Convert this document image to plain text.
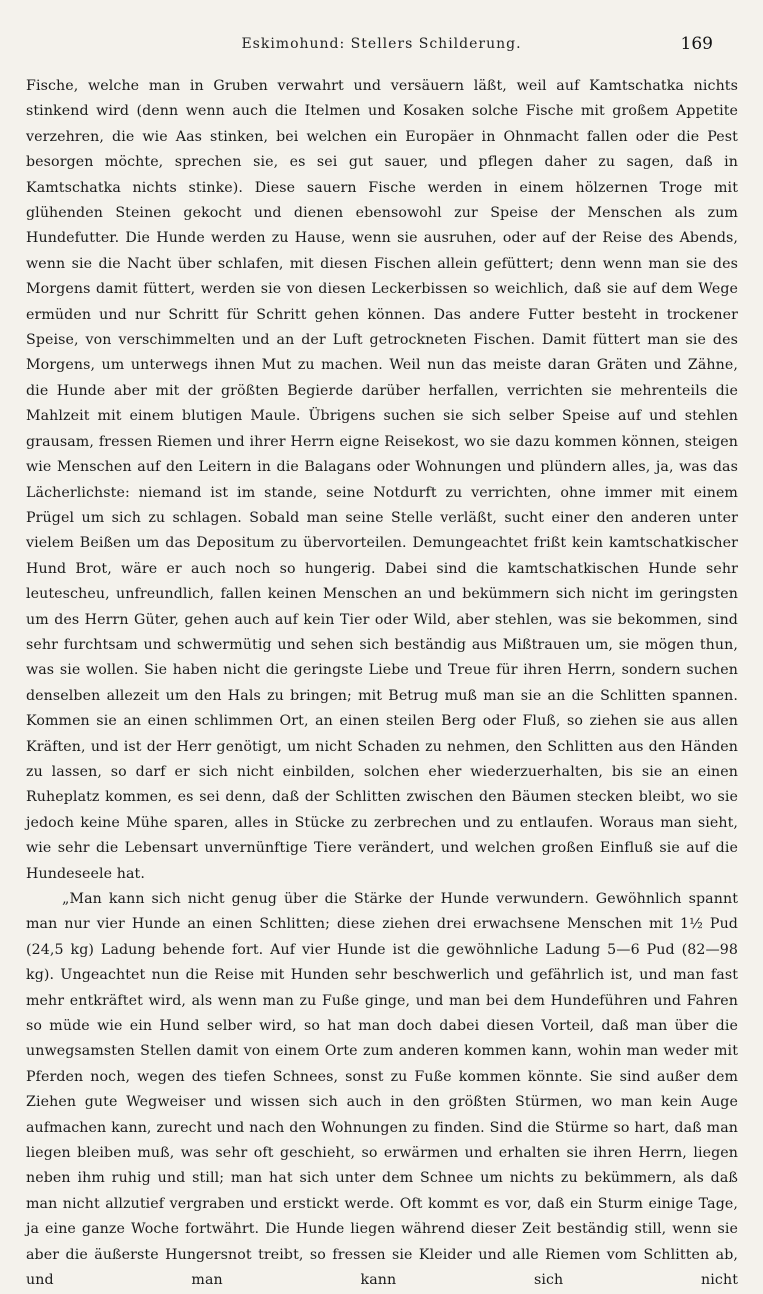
Eskimohund: Stellers Schilderung.	169

Fische, welche man in Gruben verwahrt und versäuern läßt, weil auf Kamtschatka nichts stinkend wird (denn wenn auch die Itelmen und Kosaken solche Fische mit großem Appetite verzehren, die wie Aas stinken, bei welchen ein Europäer in Ohnmacht fallen oder die Pest besorgen möchte, sprechen sie, es sei gut sauer, und pflegen daher zu sagen, daß in Kamtschatka nichts stinke). Diese sauern Fische werden in einem hölzernen Troge mit glühenden Steinen gekocht und dienen ebensowohl zur Speise der Menschen als zum Hundefutter. Die Hunde werden zu Hause, wenn sie ausruhen, oder auf der Reise des Abends, wenn sie die Nacht über schlafen, mit diesen Fischen allein gefüttert; denn wenn man sie des Morgens damit füttert, werden sie von diesen Leckerbissen so weichlich, daß sie auf dem Wege ermüden und nur Schritt für Schritt gehen können. Das andere Futter besteht in trockener Speise, von verschimmelten und an der Luft getrockneten Fischen. Damit füttert man sie des Morgens, um unterwegs ihnen Mut zu machen. Weil nun das meiste daran Gräten und Zähne, die Hunde aber mit der größten Begierde darüber herfallen, verrichten sie mehrenteils die Mahlzeit mit einem blutigen Maule. Übrigens suchen sie sich selber Speise auf und stehlen grausam, fressen Riemen und ihrer Herrn eigne Reisekost, wo sie dazu kommen können, steigen wie Menschen auf den Leitern in die Balagans oder Wohnungen und plündern alles, ja, was das Lächerlichste: niemand ist im stande, seine Notdurft zu verrichten, ohne immer mit einem Prügel um sich zu schlagen. Sobald man seine Stelle verläßt, sucht einer den anderen unter vielem Beißen um das Depositum zu übervorteilen. Demungeachtet frißt kein kamtschatkischer Hund Brot, wäre er auch noch so hungerig. Dabei sind die kamtschatkischen Hunde sehr leutescheu, unfreundlich, fallen keinen Menschen an und bekümmern sich nicht im geringsten um des Herrn Güter, gehen auch auf kein Tier oder Wild, aber stehlen, was sie bekommen, sind sehr furchtsam und schwermütig und sehen sich beständig aus Mißtrauen um, sie mögen thun, was sie wollen. Sie haben nicht die geringste Liebe und Treue für ihren Herrn, sondern suchen denselben allezeit um den Hals zu bringen; mit Betrug muß man sie an die Schlitten spannen. Kommen sie an einen schlimmen Ort, an einen steilen Berg oder Fluß, so ziehen sie aus allen Kräften, und ist der Herr genötigt, um nicht Schaden zu nehmen, den Schlitten aus den Händen zu lassen, so darf er sich nicht einbilden, solchen eher wiederzuerhalten, bis sie an einen Ruheplatz kommen, es sei denn, daß der Schlitten zwischen den Bäumen stecken bleibt, wo sie jedoch keine Mühe sparen, alles in Stücke zu zerbrechen und zu entlaufen. Woraus man sieht, wie sehr die Lebensart unvernünftige Tiere verändert, und welchen großen Einfluß sie auf die Hundeseele hat.

„Man kann sich nicht genug über die Stärke der Hunde verwundern. Gewöhnlich spannt man nur vier Hunde an einen Schlitten; diese ziehen drei erwachsene Menschen mit 1½ Pud (24,5 kg) Ladung behende fort. Auf vier Hunde ist die gewöhnliche Ladung 5—6 Pud (82—98 kg). Ungeachtet nun die Reise mit Hunden sehr beschwerlich und gefährlich ist, und man fast mehr entkräftet wird, als wenn man zu Fuße ginge, und man bei dem Hundeführen und Fahren so müde wie ein Hund selber wird, so hat man doch dabei diesen Vorteil, daß man über die unwegsamsten Stellen damit von einem Orte zum anderen kommen kann, wohin man weder mit Pferden noch, wegen des tiefen Schnees, sonst zu Fuße kommen könnte. Sie sind außer dem Ziehen gute Wegweiser und wissen sich auch in den größten Stürmen, wo man kein Auge aufmachen kann, zurecht und nach den Wohnungen zu finden. Sind die Stürme so hart, daß man liegen bleiben muß, was sehr oft geschieht, so erwärmen und erhalten sie ihren Herrn, liegen neben ihm ruhig und still; man hat sich unter dem Schnee um nichts zu bekümmern, als daß man nicht allzutief vergraben und erstickt werde. Oft kommt es vor, daß ein Sturm einige Tage, ja eine ganze Woche fortwährt. Die Hunde liegen während dieser Zeit beständig still, wenn sie aber die äußerste Hungersnot treibt, so fressen sie Kleider und alle Riemen vom Schlitten ab, und man kann sich nicht
